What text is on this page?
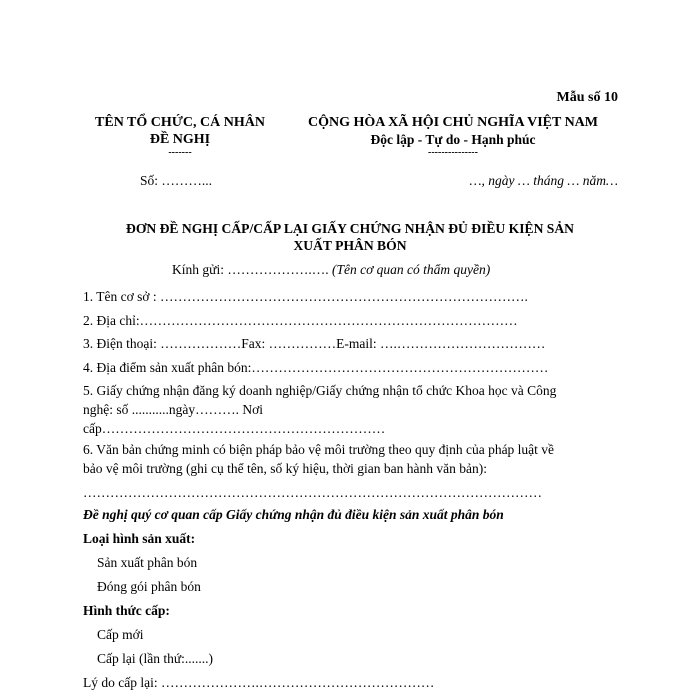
Mẫu số 10
TÊN TỔ CHỨC, CÁ NHÂN
ĐỀ NGHỊ
-------
Số: ………...
CỘNG HÒA XÃ HỘI CHỦ NGHĨA VIỆT NAM
Độc lập - Tự do - Hạnh phúc
---------------
…, ngày … tháng … năm…
ĐƠN ĐỀ NGHỊ CẤP/CẤP LẠI GIẤY CHỨNG NHẬN ĐỦ ĐIỀU KIỆN SẢN
XUẤT PHÂN BÓN
Kính gửi: ……………….…. (Tên cơ quan có thẩm quyền)
1. Tên cơ sở : ……………………………………………………………………….
2. Địa chỉ:…………………………………………………………………………
3. Điện thoại: ………………Fax: ……………E-mail: ….……………………………
4. Địa điểm sản xuất phân bón:…………………………………………………………
5. Giấy chứng nhận đăng ký doanh nghiệp/Giấy chứng nhận tổ chức Khoa học và Công
nghệ: số ...........ngày………. Nơi
cấp………………………………………………………
6. Văn bản chứng minh có biện pháp bảo vệ môi trường theo quy định của pháp luật về
bảo vệ môi trường (ghi cụ thể tên, số ký hiệu, thời gian ban hành văn bản):
…………………………………………………………………………………………
Đề nghị quý cơ quan cấp Giấy chứng nhận đủ điều kiện sản xuất phân bón
Loại hình sản xuất:
Sản xuất phân bón
Đóng gói phân bón
Hình thức cấp:
Cấp mới
Cấp lại (lần thứ:.......)
Lý do cấp lại: ………………….…………………………………
